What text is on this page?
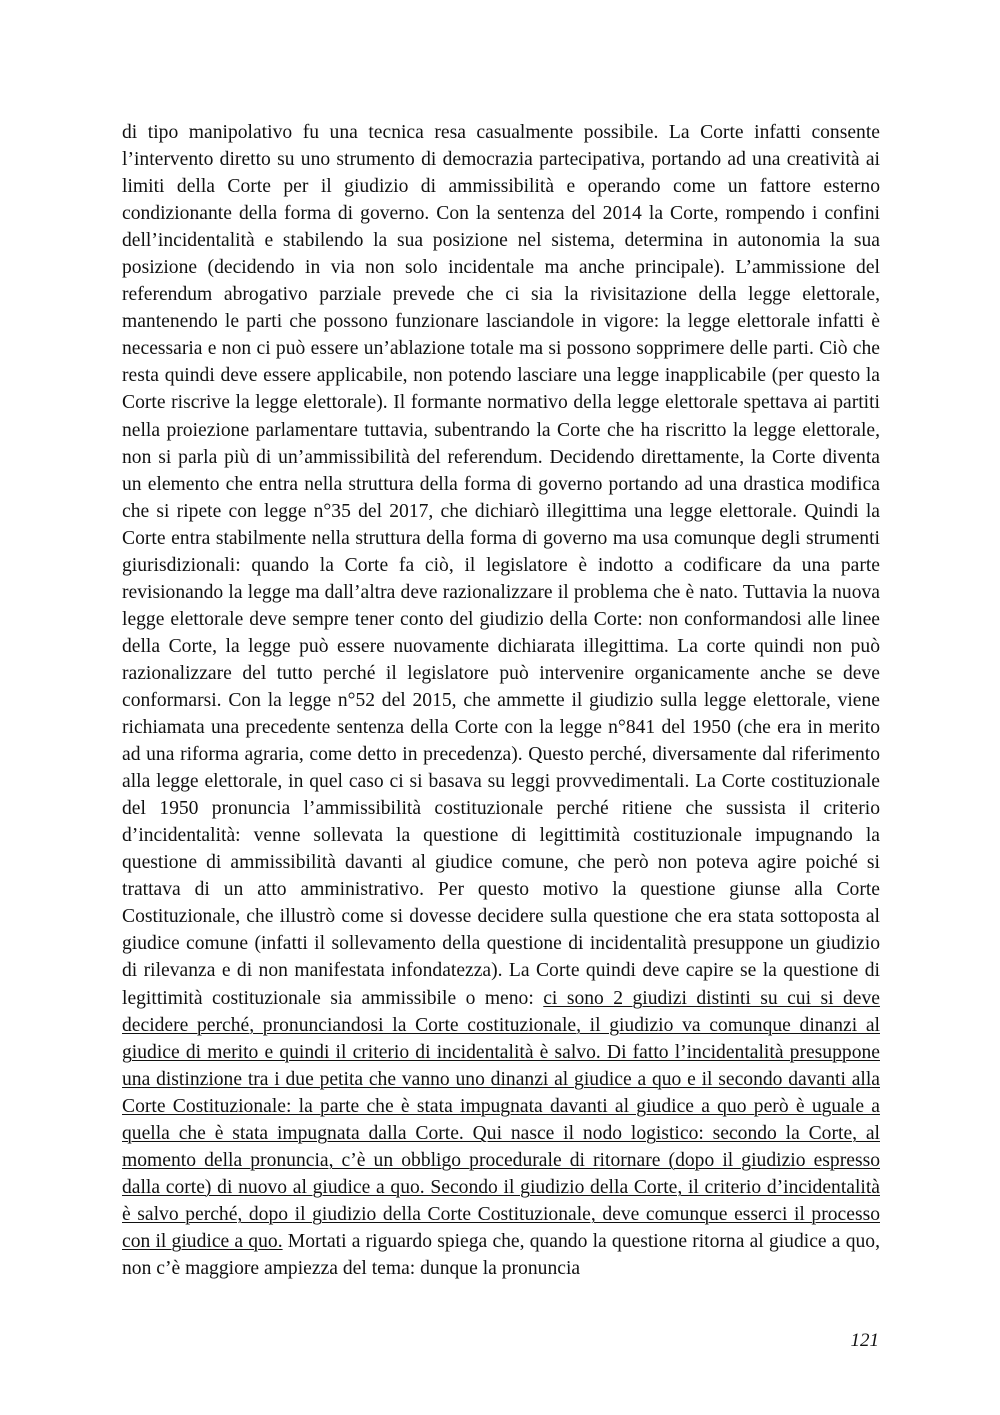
di tipo manipolativo fu una tecnica resa casualmente possibile. La Corte infatti consente l’intervento diretto su uno strumento di democrazia partecipativa, portando ad una creatività ai limiti della Corte per il giudizio di ammissibilità e operando come un fattore esterno condizionante della forma di governo. Con la sentenza del 2014 la Corte, rompendo i confini dell’incidentalità e stabilendo la sua posizione nel sistema, determina in autonomia la sua posizione (decidendo in via non solo incidentale ma anche principale). L’ammissione del referendum abrogativo parziale prevede che ci sia la rivisitazione della legge elettorale, mantenendo le parti che possono funzionare lasciandole in vigore: la legge elettorale infatti è necessaria e non ci può essere un’ablazione totale ma si possono sopprimere delle parti. Ciò che resta quindi deve essere applicabile, non potendo lasciare una legge inapplicabile (per questo la Corte riscrive la legge elettorale). Il formante normativo della legge elettorale spettava ai partiti nella proiezione parlamentare tuttavia, subentrando la Corte che ha riscritto la legge elettorale, non si parla più di un’ammissibilità del referendum. Decidendo direttamente, la Corte diventa un elemento che entra nella struttura della forma di governo portando ad una drastica modifica che si ripete con legge n°35 del 2017, che dichiarò illegittima una legge elettorale. Quindi la Corte entra stabilmente nella struttura della forma di governo ma usa comunque degli strumenti giurisdizionali: quando la Corte fa ciò, il legislatore è indotto a codificare da una parte revisionando la legge ma dall’altra deve razionalizzare il problema che è nato. Tuttavia la nuova legge elettorale deve sempre tener conto del giudizio della Corte: non conformandosi alle linee della Corte, la legge può essere nuovamente dichiarata illegittima. La corte quindi non può razionalizzare del tutto perché il legislatore può intervenire organicamente anche se deve conformarsi. Con la legge n°52 del 2015, che ammette il giudizio sulla legge elettorale, viene richiamata una precedente sentenza della Corte con la legge n°841 del 1950 (che era in merito ad una riforma agraria, come detto in precedenza). Questo perché, diversamente dal riferimento alla legge elettorale, in quel caso ci si basava su leggi provvedimentali. La Corte costituzionale del 1950 pronuncia l’ammissibilità costituzionale perché ritiene che sussista il criterio d’incidentalità: venne sollevata la questione di legittimità costituzionale impugnando la questione di ammissibilità davanti al giudice comune, che però non poteva agire poiché si trattava di un atto amministrativo. Per questo motivo la questione giunse alla Corte Costituzionale, che illustrò come si dovesse decidere sulla questione che era stata sottoposta al giudice comune (infatti il sollevamento della questione di incidentalità presuppone un giudizio di rilevanza e di non manifestata infondatezza). La Corte quindi deve capire se la questione di legittimità costituzionale sia ammissibile o meno: ci sono 2 giudizi distinti su cui si deve decidere perché, pronunciandosi la Corte costituzionale, il giudizio va comunque dinanzi al giudice di merito e quindi il criterio di incidentalità è salvo. Di fatto l’incidentalità presuppone una distinzione tra i due petita che vanno uno dinanzi al giudice a quo e il secondo davanti alla Corte Costituzionale: la parte che è stata impugnata davanti al giudice a quo però è uguale a quella che è stata impugnata dalla Corte. Qui nasce il nodo logistico: secondo la Corte, al momento della pronuncia, c’è un obbligo procedurale di ritornare (dopo il giudizio espresso dalla corte) di nuovo al giudice a quo. Secondo il giudizio della Corte, il criterio d’incidentalità è salvo perché, dopo il giudizio della Corte Costituzionale, deve comunque esserci il processo con il giudice a quo. Mortati a riguardo spiega che, quando la questione ritorna al giudice a quo, non c’è maggiore ampiezza del tema: dunque la pronuncia

121
